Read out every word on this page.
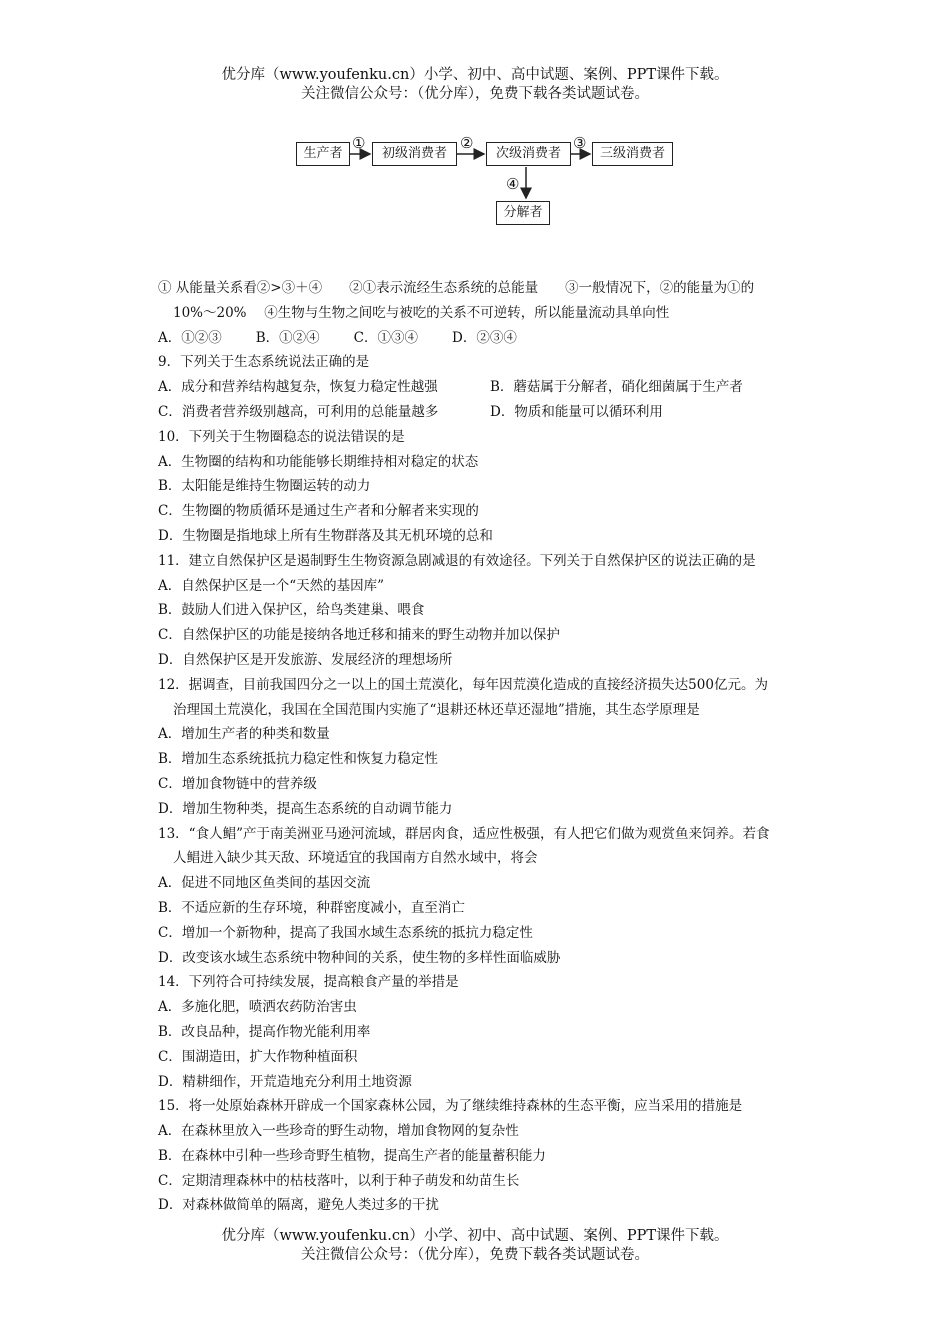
优分库（www.youfenku.cn）小学、初中、高中试题、案例、PPT课件下载。
关注微信公众号：（优分库），免费下载各类试题试卷。
生产者	初级消费者	次级消费者	三级消费者
分解者
①	②	③
④
① 从能量关系看②>③＋④　　②①表示流经生态系统的总能量　　③一般情况下，②的能量为①的
10%～20%　 ④生物与生物之间吃与被吃的关系不可逆转，所以能量流动具单向性
A．①②③	B．①②④	C．①③④	D．②③④
9．下列关于生态系统说法正确的是
A．成分和营养结构越复杂，恢复力稳定性越强	B．蘑菇属于分解者，硝化细菌属于生产者
C．消费者营养级别越高，可利用的总能量越多	D．物质和能量可以循环利用
10．下列关于生物圈稳态的说法错误的是
A．生物圈的结构和功能能够长期维持相对稳定的状态
B．太阳能是维持生物圈运转的动力
C．生物圈的物质循环是通过生产者和分解者来实现的
D．生物圈是指地球上所有生物群落及其无机环境的总和
11．建立自然保护区是遏制野生生物资源急剧减退的有效途径。下列关于自然保护区的说法正确的是
A．自然保护区是一个“天然的基因库”
B．鼓励人们进入保护区，给鸟类建巢、喂食
C．自然保护区的功能是接纳各地迁移和捕来的野生动物并加以保护
D．自然保护区是开发旅游、发展经济的理想场所
12．据调查，目前我国四分之一以上的国土荒漠化，每年因荒漠化造成的直接经济损失达500亿元。为
治理国土荒漠化，我国在全国范围内实施了“退耕还林还草还湿地”措施，其生态学原理是
A．增加生产者的种类和数量
B．增加生态系统抵抗力稳定性和恢复力稳定性
C．增加食物链中的营养级
D．增加生物种类，提高生态系统的自动调节能力
13．“食人鲳”产于南美洲亚马逊河流域，群居肉食，适应性极强，有人把它们做为观赏鱼来饲养。若食
人鲳进入缺少其天敌、环境适宜的我国南方自然水域中，将会
A．促进不同地区鱼类间的基因交流
B．不适应新的生存环境，种群密度减小，直至消亡
C．增加一个新物种，提高了我国水域生态系统的抵抗力稳定性
D．改变该水域生态系统中物种间的关系，使生物的多样性面临威胁
14．下列符合可持续发展，提高粮食产量的举措是
A．多施化肥，喷洒农药防治害虫
B．改良品种，提高作物光能利用率
C．围湖造田，扩大作物种植面积
D．精耕细作，开荒造地充分利用土地资源
15．将一处原始森林开辟成一个国家森林公园，为了继续维持森林的生态平衡，应当采用的措施是
A．在森林里放入一些珍奇的野生动物，增加食物网的复杂性
B．在森林中引种一些珍奇野生植物，提高生产者的能量蓄积能力
C．定期清理森林中的枯枝落叶，以利于种子萌发和幼苗生长
D．对森林做简单的隔离，避免人类过多的干扰
优分库（www.youfenku.cn）小学、初中、高中试题、案例、PPT课件下载。
关注微信公众号：（优分库），免费下载各类试题试卷。
